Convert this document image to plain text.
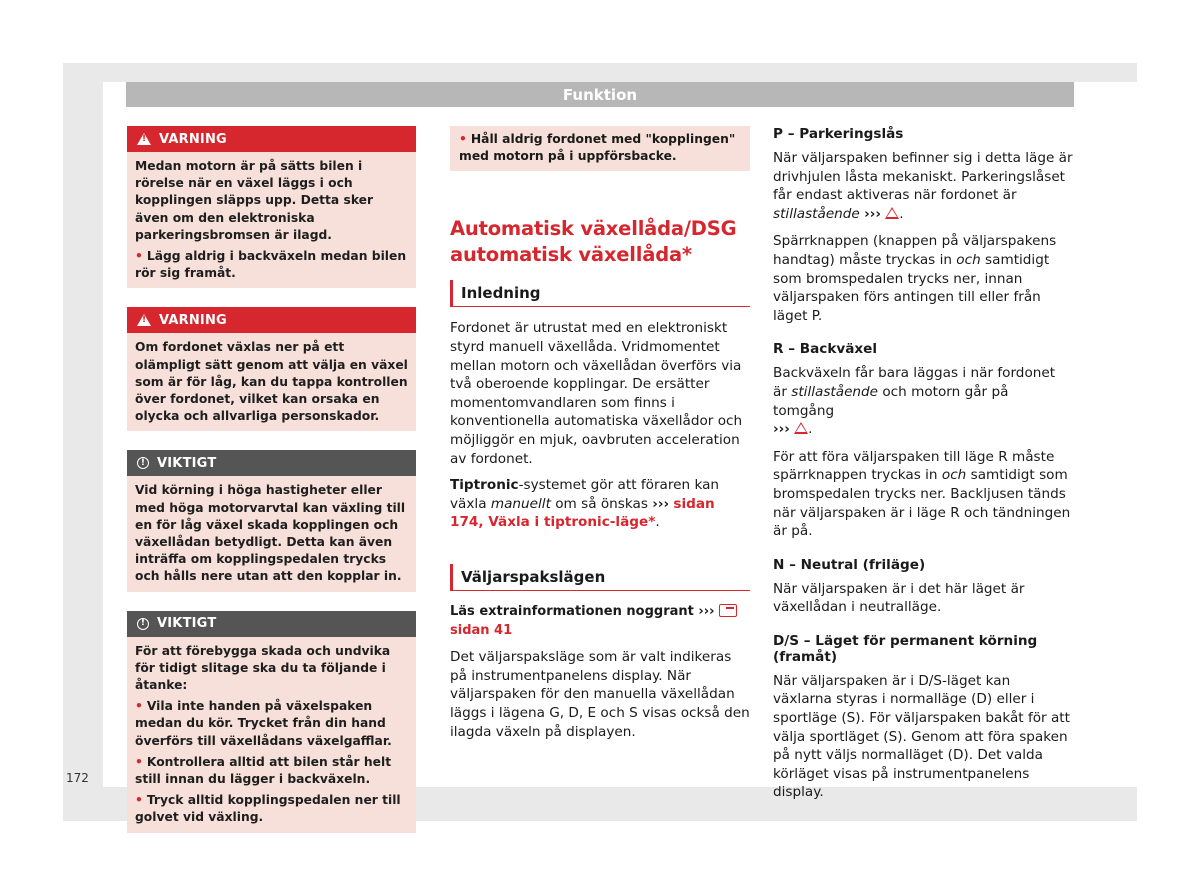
Funktion
172
!
VARNING

Medan motorn är på sätts bilen i rörelse när en växel läggs i och kopplingen släpps upp. Detta sker även om den elektroniska parkeringsbromsen är ilagd.

• Lägg aldrig i backväxeln medan bilen rör sig framåt.

!
VARNING

Om fordonet växlas ner på ett olämpligt sätt genom att välja en växel som är för låg, kan du tappa kontrollen över fordonet, vilket kan orsaka en olycka och allvarliga personskador.

! VIKTIGT

Vid körning i höga hastigheter eller med höga motorvarvtal kan växling till en för låg växel skada kopplingen och växellådan betydligt. Detta kan även inträffa om kopplingspedalen trycks och hålls nere utan att den kopplar in.

! VIKTIGT

För att förebygga skada och undvika för tidigt slitage ska du ta följande i åtanke:

• Vila inte handen på växelspaken medan du kör. Trycket från din hand överförs till växellådans växelgafflar.

• Kontrollera alltid att bilen står helt still innan du lägger i backväxeln.

• Tryck alltid kopplingspedalen ner till golvet vid växling.

• Håll aldrig fordonet med "kopplingen" med motorn på i uppförsbacke.
Automatisk växellåda/DSG automatisk växellåda*
Inledning

Fordonet är utrustat med en elektroniskt styrd manuell växellåda. Vridmomentet mellan motorn och växellådan överförs via två oberoende kopplingar. De ersätter momentomvandlaren som finns i konventionella automatiska växellådor och möjliggör en mjuk, oavbruten acceleration av fordonet.

Tiptronic-systemet gör att föraren kan växla manuellt om så önskas ››› sidan 174, Växla i tiptronic-läge*.

Väljarspakslägen

Läs extrainformationen noggrant ›››  sidan 41

Det väljarspaksläge som är valt indikeras på instrumentpanelens display. När väljarspaken för den manuella växellådan läggs i lägena G, D, E och S visas också den ilagda växeln på displayen.

P – Parkeringslås

När väljarspaken befinner sig i detta läge är drivhjulen låsta mekaniskt. Parkeringslåset får endast aktiveras när fordonet är stillastående ››› .

Spärrknappen (knappen på väljarspakens handtag) måste tryckas in och samtidigt som bromspedalen trycks ner, innan väljarspaken förs antingen till eller från läget P.

R – Backväxel

Backväxeln får bara läggas i när fordonet är stillastående och motorn går på tomgång
››› .

För att föra väljarspaken till läge R måste spärrknappen tryckas in och samtidigt som bromspedalen trycks ner. Backljusen tänds när väljarspaken är i läge R och tändningen är på.

N – Neutral (friläge)

När väljarspaken är i det här läget är växellådan i neutralläge.

D/S – Läget för permanent körning (framåt)

När väljarspaken är i D/S-läget kan växlarna styras i normalläge (D) eller i sportläge (S). För väljarspaken bakåt för att välja sportläget (S). Genom att föra spaken på nytt väljs normalläget (D). Det valda körläget visas på instrumentpanelens display.
